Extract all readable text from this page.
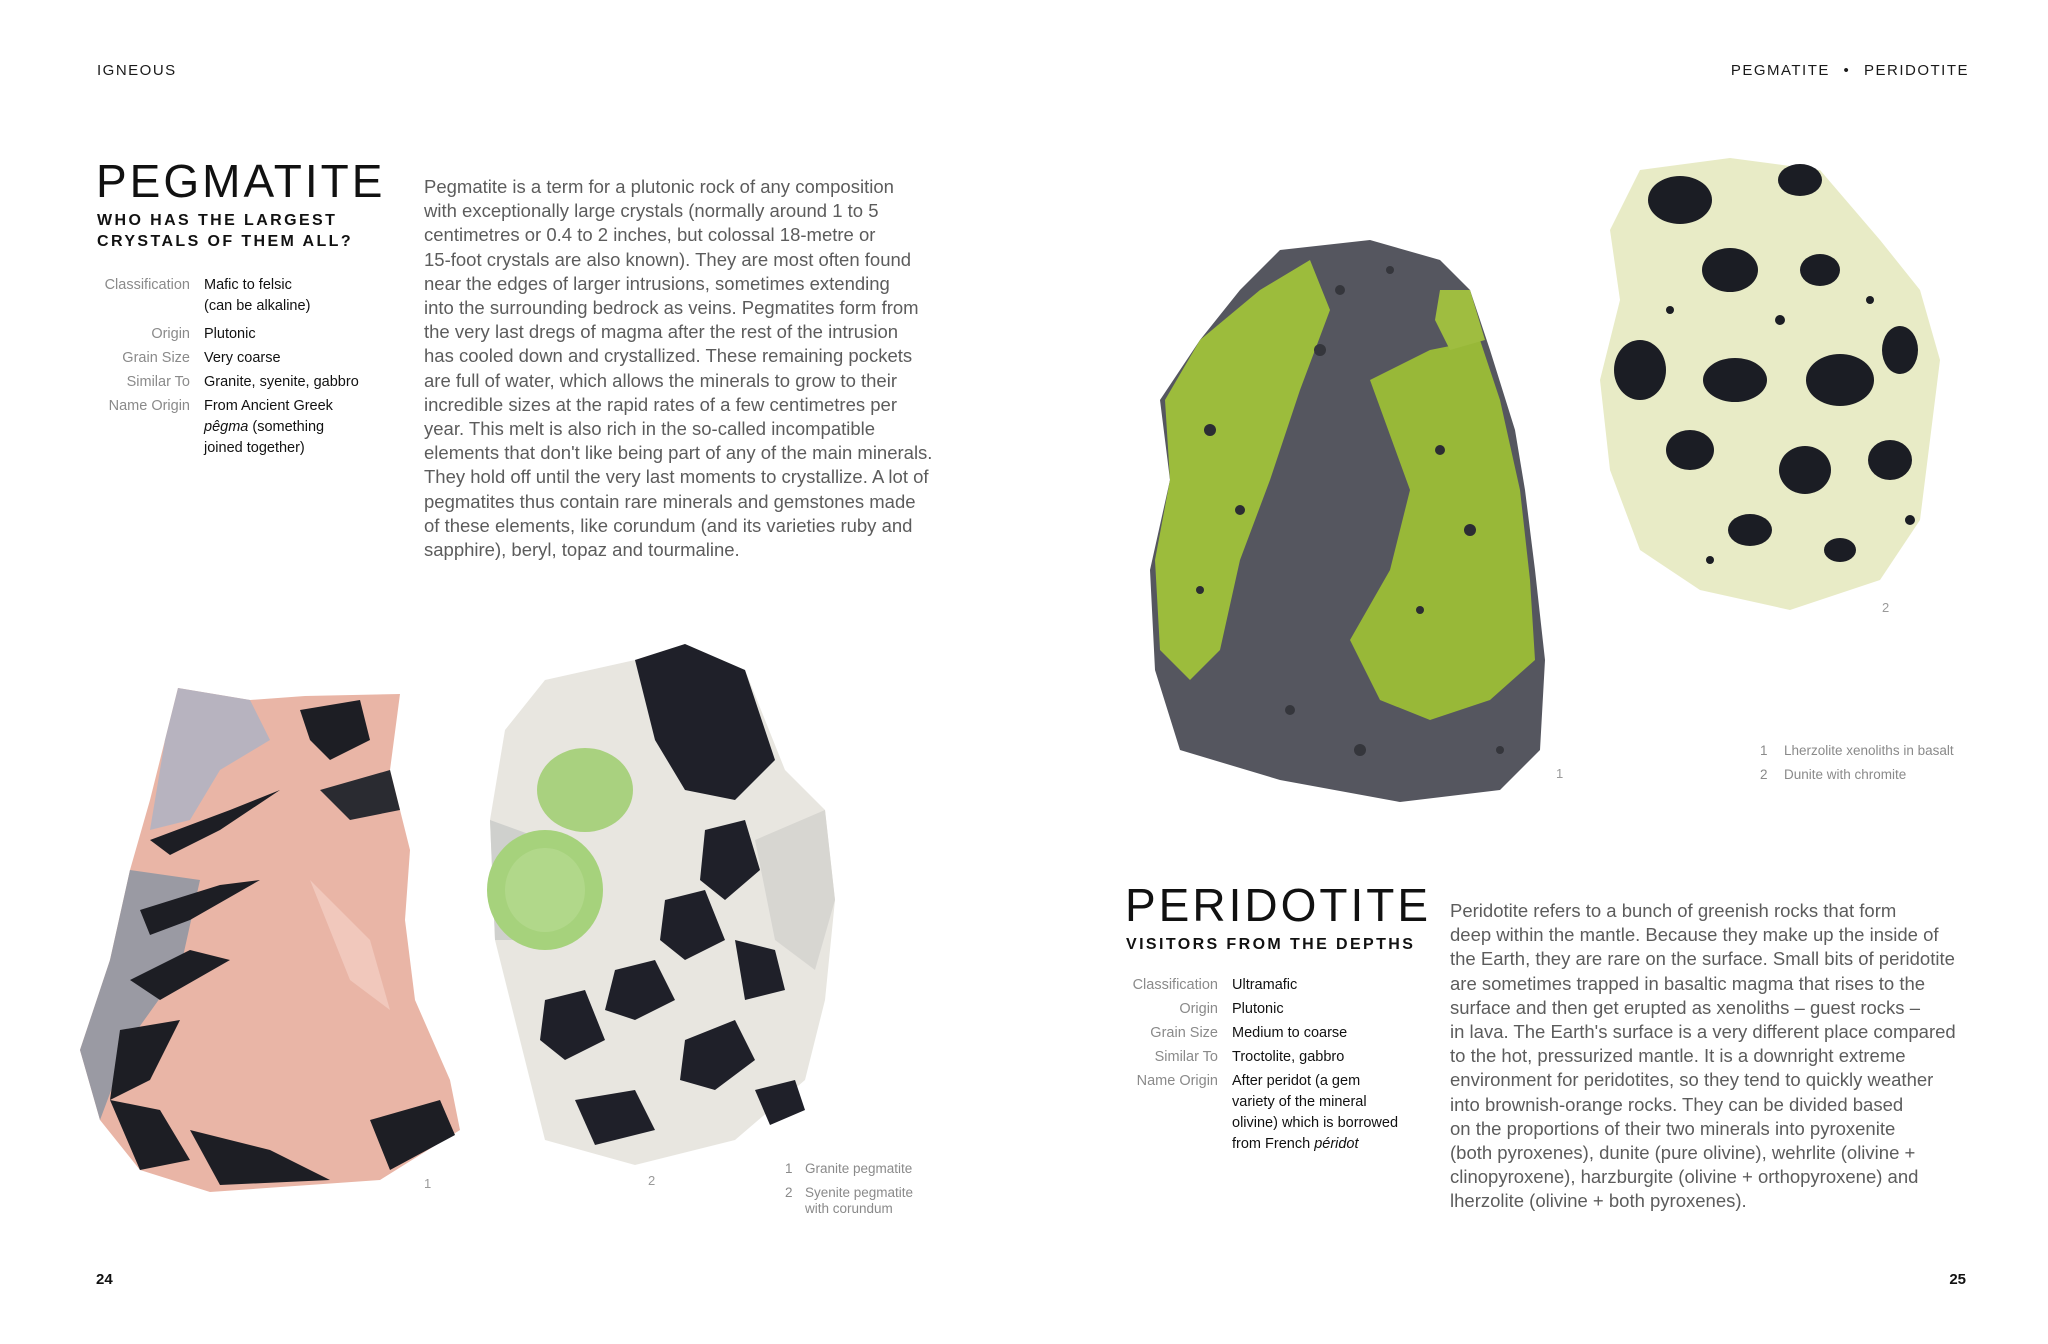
IGNEOUS	PEGMATITE • PERIDOTITE
PEGMATITE
WHO HAS THE LARGEST
CRYSTALS OF THEM ALL?
Classification Mafic to felsic
(can be alkaline)
Origin Plutonic
Grain Size Very coarse
Similar To Granite, syenite, gabbro
Name Origin From Ancient Greek
pêgma (something
joined together)
Pegmatite is a term for a plutonic rock of any composition
with exceptionally large crystals (normally around 1 to 5
centimetres or 0.4 to 2 inches, but colossal 18-metre or
15-foot crystals are also known). They are most often found
near the edges of larger intrusions, sometimes extending
into the surrounding bedrock as veins. Pegmatites form from
the very last dregs of magma after the rest of the intrusion
has cooled down and crystallized. These remaining pockets
are full of water, which allows the minerals to grow to their
incredible sizes at the rapid rates of a few centimetres per
year. This melt is also rich in the so-called incompatible
elements that don't like being part of any of the main minerals.
They hold off until the very last moments to crystallize. A lot of
pegmatites thus contain rare minerals and gemstones made
of these elements, like corundum (and its varieties ruby and
sapphire), beryl, topaz and tourmaline.
1	2
1 Granite pegmatite
2 Syenite pegmatite
with corundum
1
2
1	Lherzolite xenoliths in basalt
2	Dunite with chromite
PERIDOTITE
VISITORS FROM THE DEPTHS
Classification Ultramafic
Origin Plutonic
Grain Size Medium to coarse
Similar To Troctolite, gabbro
Name Origin After peridot (a gem
variety of the mineral
olivine) which is borrowed
from French péridot
Peridotite refers to a bunch of greenish rocks that form
deep within the mantle. Because they make up the inside of
the Earth, they are rare on the surface. Small bits of peridotite
are sometimes trapped in basaltic magma that rises to the
surface and then get erupted as xenoliths – guest rocks –
in lava. The Earth's surface is a very different place compared
to the hot, pressurized mantle. It is a downright extreme
environment for peridotites, so they tend to quickly weather
into brownish-orange rocks. They can be divided based
on the proportions of their two minerals into pyroxenite
(both pyroxenes), dunite (pure olivine), wehrlite (olivine +
clinopyroxene), harzburgite (olivine + orthopyroxene) and
lherzolite (olivine + both pyroxenes).
24	25
